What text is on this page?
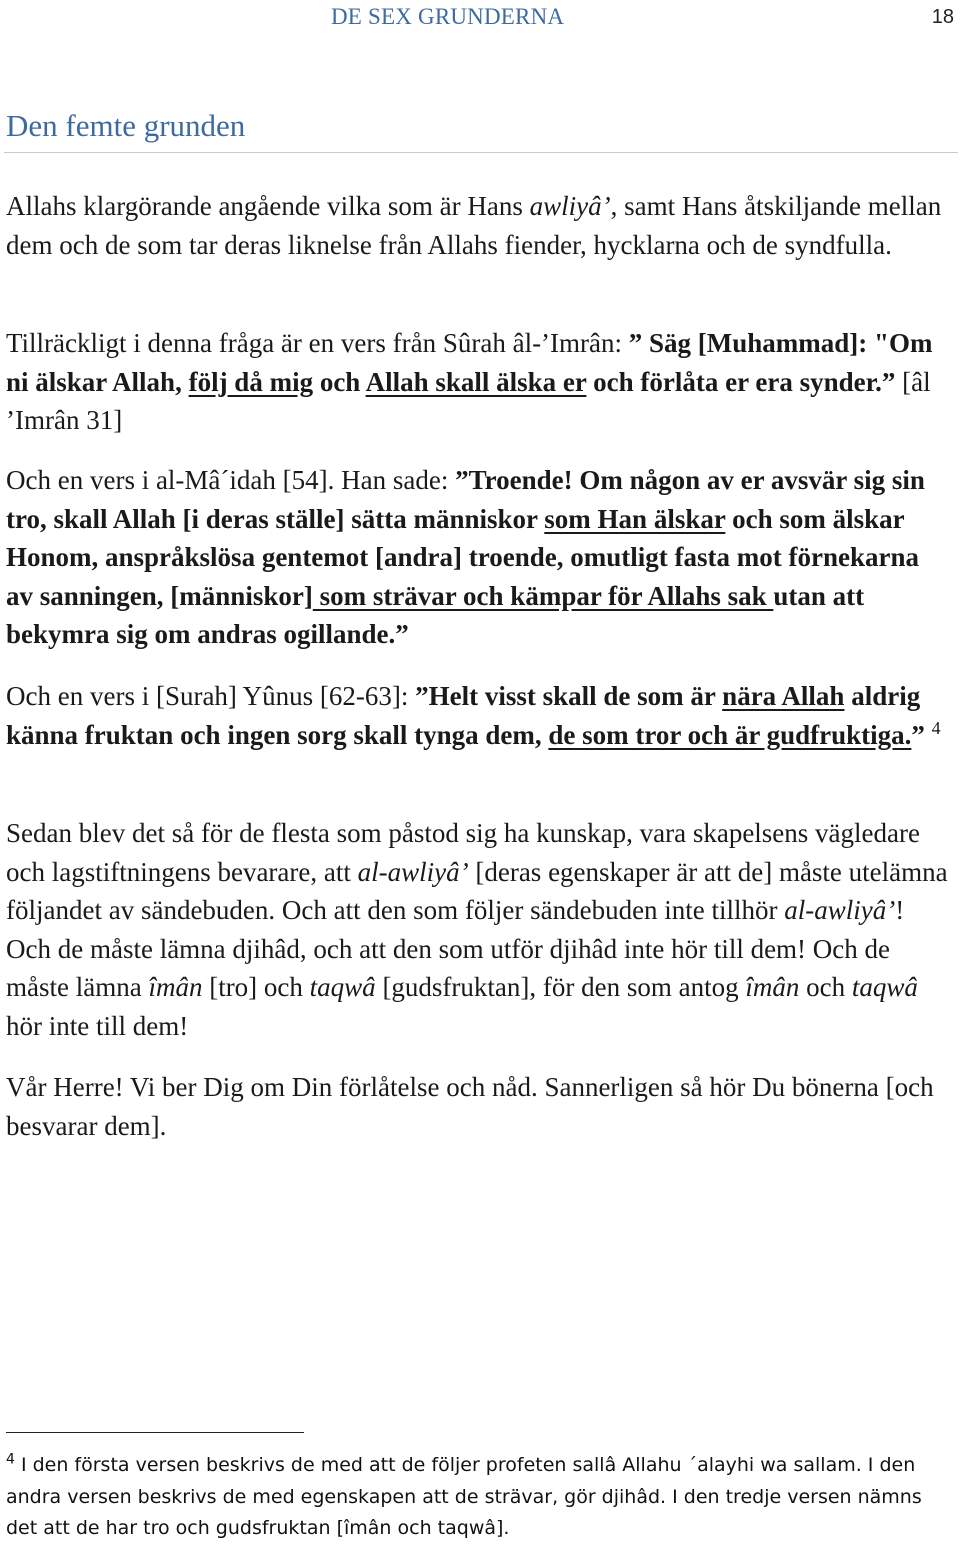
DE SEX GRUNDERNA	18
Den femte grunden

Allahs klargörande angående vilka som är Hans awliyâ’, samt Hans åtskiljande mellan dem och de som tar deras liknelse från Allahs fiender, hycklarna och de syndfulla.

Tillräckligt i denna fråga är en vers från Sûrah âl-’Imrân: ” Säg [Muhammad]: "Om ni älskar Allah, följ då mig och Allah skall älska er och förlåta er era synder.” [âl ’Imrân 31]

Och en vers i al-Mâ´idah [54]. Han sade: ”Troende! Om någon av er avsvär sig sin tro, skall Allah [i deras ställe] sätta människor som Han älskar och som älskar Honom, anspråkslösa gentemot [andra] troende, omutligt fasta mot förnekarna av sanningen, [människor] som strävar och kämpar för Allahs sak utan att bekymra sig om andras ogillande.”

Och en vers i [Surah] Yûnus [62-63]: ”Helt visst skall de som är nära Allah aldrig känna fruktan och ingen sorg skall tynga dem, de som tror och är gudfruktiga.” $^4$

Sedan blev det så för de flesta som påstod sig ha kunskap, vara skapelsens vägledare och lagstiftningens bevarare, att al-awliyâ’ [deras egenskaper är att de] måste utelämna följandet av sändebuden. Och att den som följer sändebuden inte tillhör al-awliyâ’! Och de måste lämna djihâd, och att den som utför djihâd inte hör till dem! Och de måste lämna îmân [tro] och taqwâ [gudsfruktan], för den som antog îmân och taqwâ hör inte till dem!

Vår Herre! Vi ber Dig om Din förlåtelse och nåd. Sannerligen så hör Du bönerna [och besvarar dem].

$^4$ I den första versen beskrivs de med att de följer profeten sallâ Allahu ´alayhi wa sallam. I den andra versen beskrivs de med egenskapen att de strävar, gör djihâd. I den tredje versen nämns det att de har tro och gudsfruktan [îmân och taqwâ].
